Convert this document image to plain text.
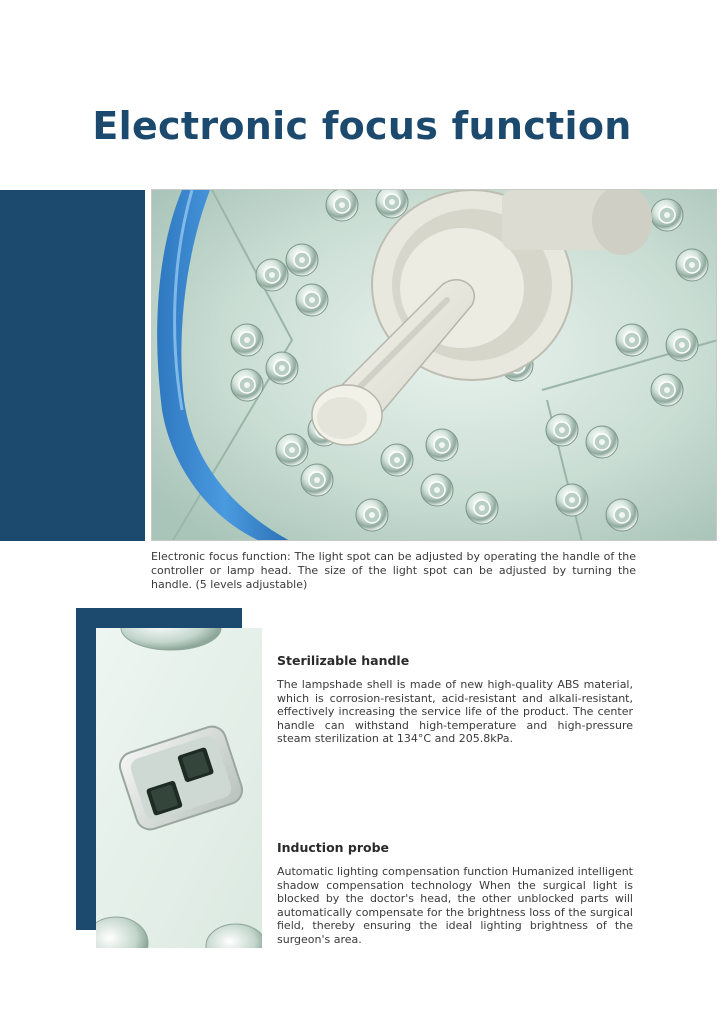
Electronic focus function
Electronic focus function: The light spot can be adjusted by operating the handle of the controller or lamp head. The size of the light spot can be adjusted by turning the handle. (5 levels adjustable)
Sterilizable handle
The lampshade shell is made of new high-quality ABS material, which is corrosion-resistant, acid-resistant and alkali-resistant, effectively increasing the service life of the product. The center handle can withstand high-temperature and high-pressure steam sterilization at 134°C and 205.8kPa.
Induction probe
Automatic lighting compensation function Humanized intelligent shadow compensation technology When the surgical light is blocked by the doctor's head, the other unblocked parts will automatically compensate for the brightness loss of the surgical field, thereby ensuring the ideal lighting brightness of the surgeon's area.
